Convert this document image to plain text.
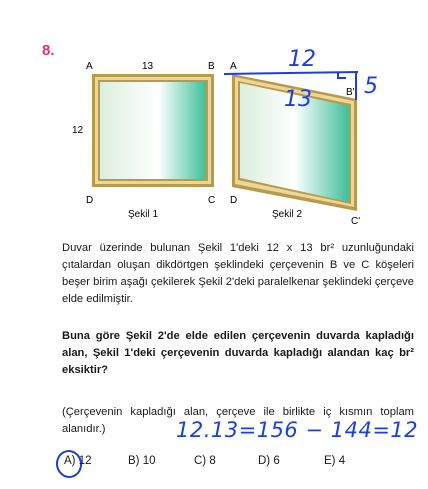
8.
A	13	B
12
D	C
Şekil 1
A
B'
D
C'
Şekil 2
12
13
5

Duvar üzerinde bulunan Şekil 1'deki 12 x 13 br² uzunluğundaki çıtalardan oluşan dikdörtgen şeklindeki çerçevenin B ve C köşeleri beşer birim aşağı çekilerek Şekil 2'deki paralelkenar şeklindeki çerçeve elde edilmiştir.

Buna göre Şekil 2'de elde edilen çerçevenin duvarda kapladığı alan, Şekil 1'deki çerçevenin duvarda kapladığı alandan kaç br² eksiktir?

(Çerçevenin kapladığı alan, çerçeve ile birlikte iç kısmın toplam alanıdır.)	12.13=156 − 144=12
A) 12	B) 10	C) 8	D) 6	E) 4
